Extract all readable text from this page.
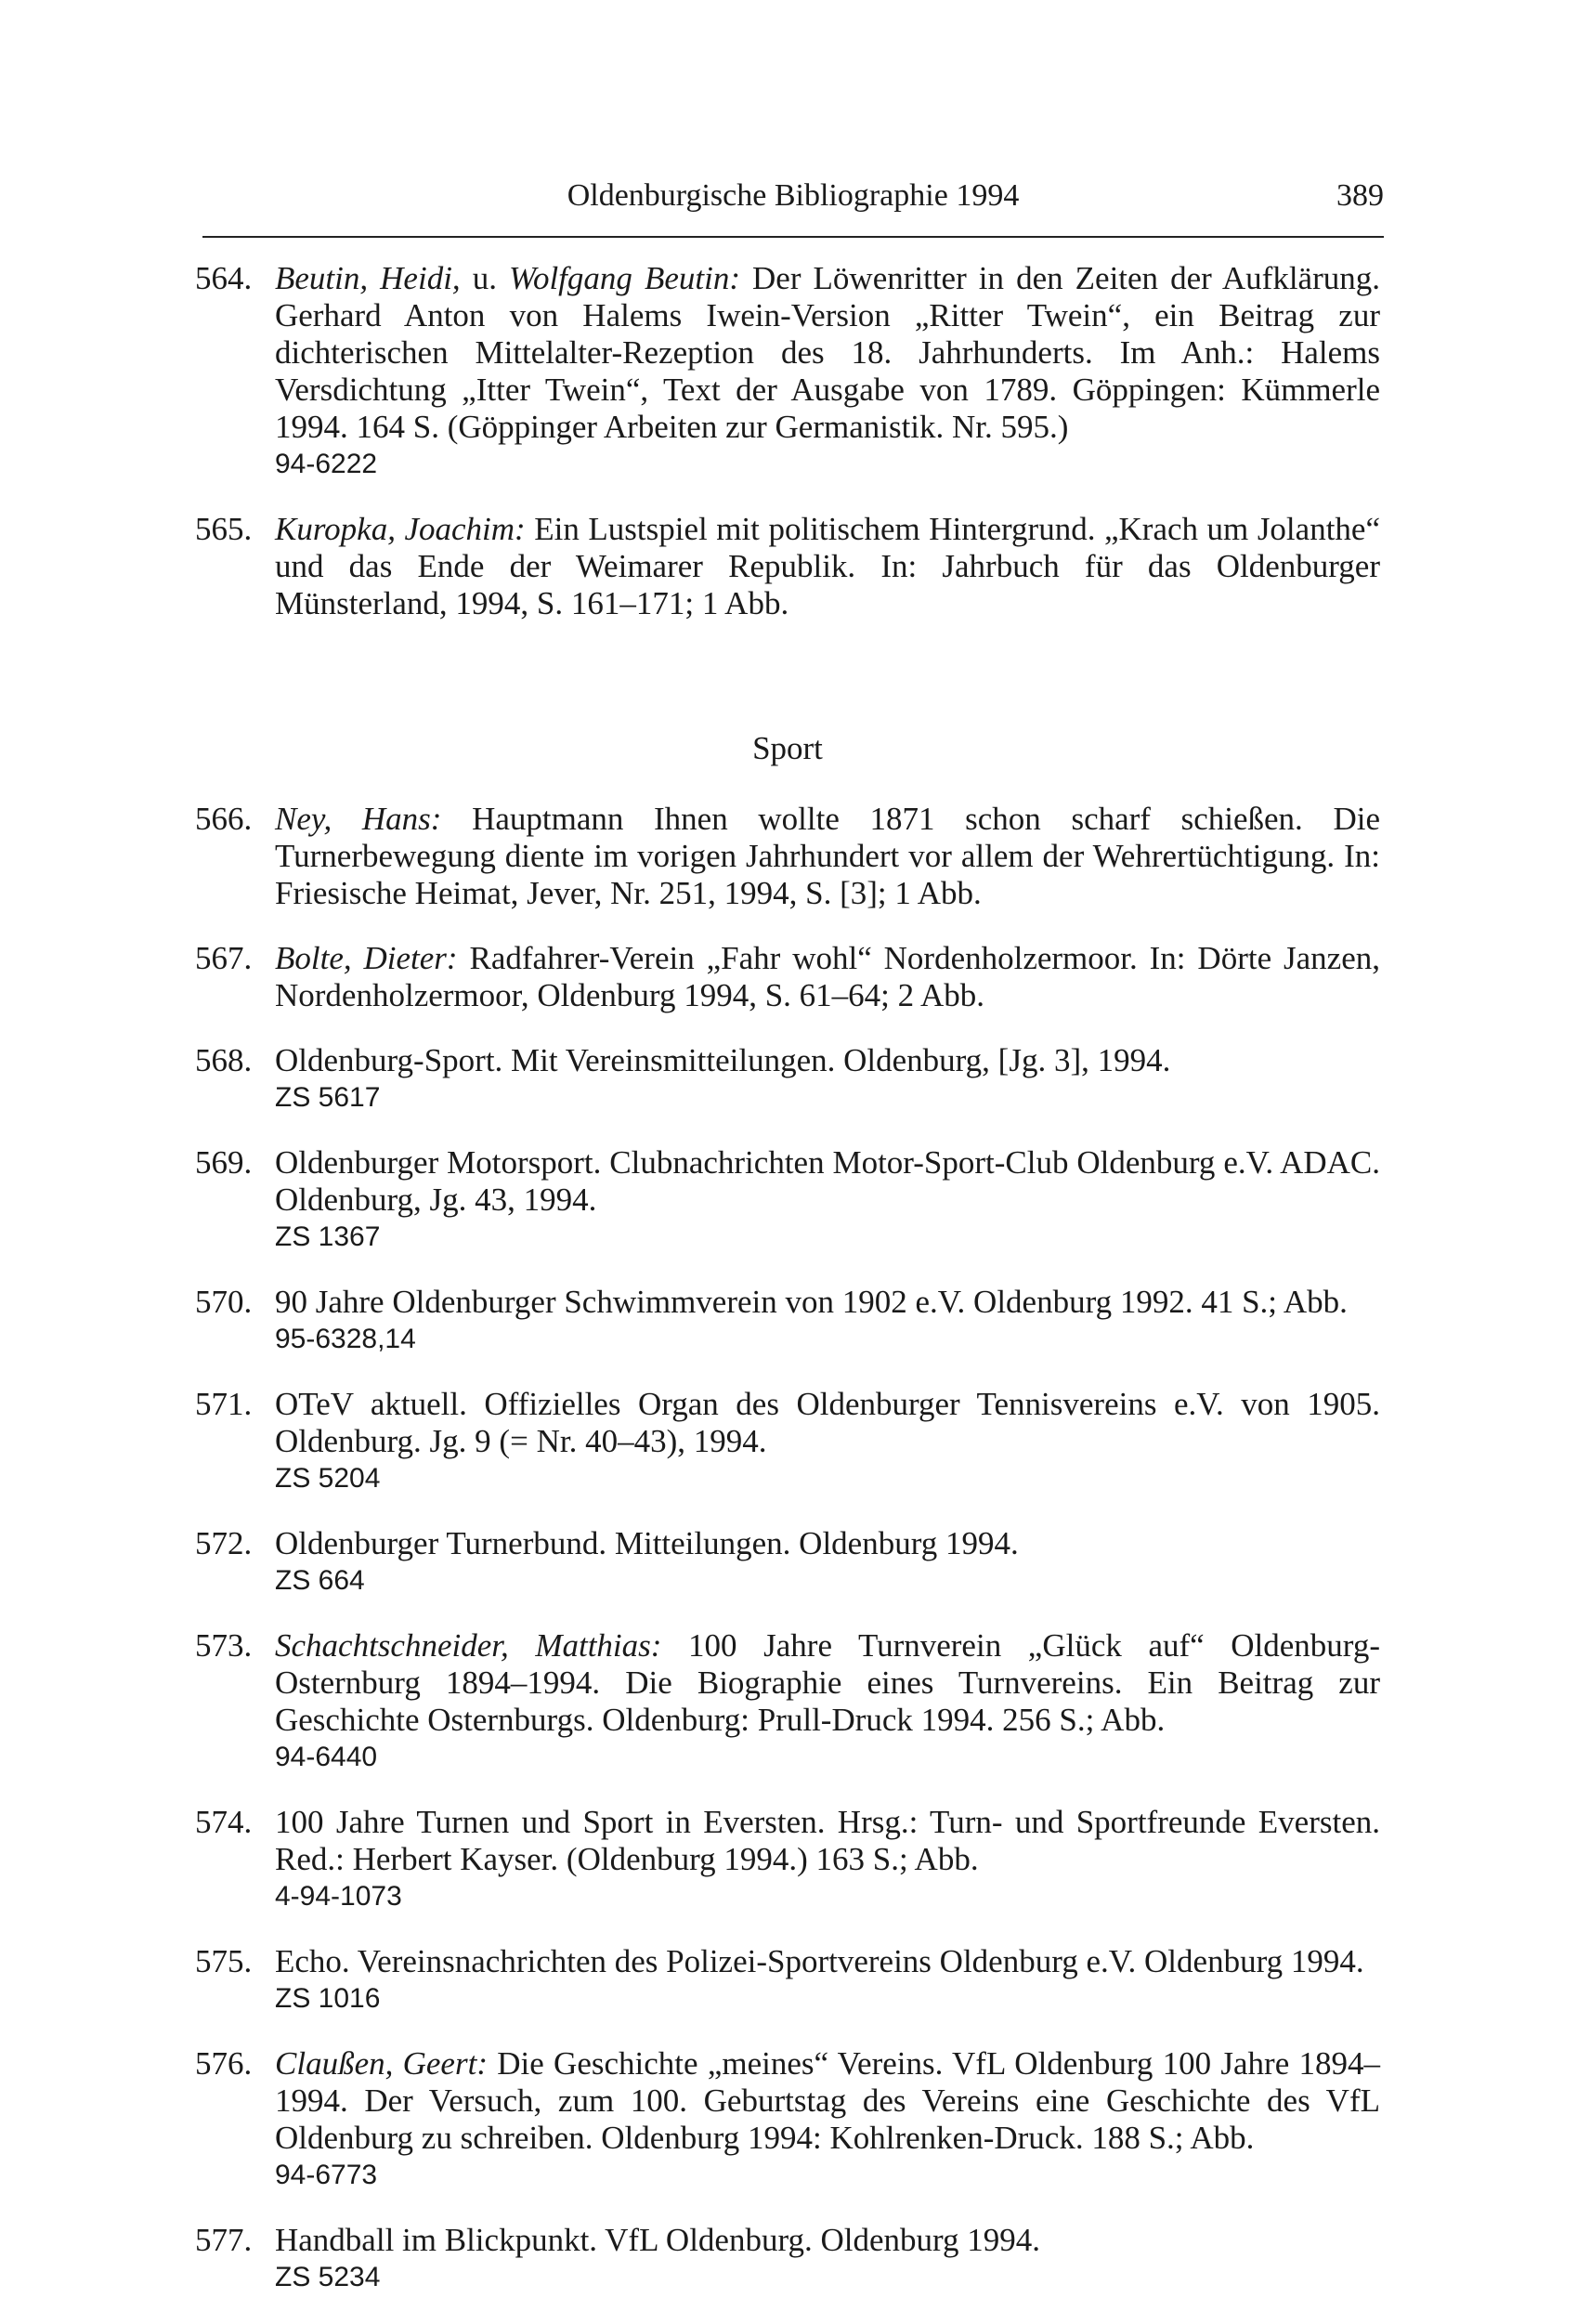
Oldenburgische Bibliographie 1994	389
564. Beutin, Heidi, u. Wolfgang Beutin: Der Löwenritter in den Zeiten der Aufklärung. Gerhard Anton von Halems Iwein-Version „Ritter Twein“, ein Beitrag zur dichterischen Mittelalter-Rezeption des 18. Jahrhunderts. Im Anh.: Halems Versdichtung „Itter Twein“, Text der Ausgabe von 1789. Göppingen: Kümmerle 1994. 164 S. (Göppinger Arbeiten zur Germanistik. Nr. 595.)
94-6222
565. Kuropka, Joachim: Ein Lustspiel mit politischem Hintergrund. „Krach um Jolanthe“ und das Ende der Weimarer Republik. In: Jahrbuch für das Oldenburger Münsterland, 1994, S. 161–171; 1 Abb.
Sport
566. Ney, Hans: Hauptmann Ihnen wollte 1871 schon scharf schießen. Die Turnerbewegung diente im vorigen Jahrhundert vor allem der Wehrertüchtigung. In: Friesische Heimat, Jever, Nr. 251, 1994, S. [3]; 1 Abb.
567. Bolte, Dieter: Radfahrer-Verein „Fahr wohl“ Nordenholzermoor. In: Dörte Janzen, Nordenholzermoor, Oldenburg 1994, S. 61–64; 2 Abb.
568. Oldenburg-Sport. Mit Vereinsmitteilungen. Oldenburg, [Jg. 3], 1994.
ZS 5617
569. Oldenburger Motorsport. Clubnachrichten Motor-Sport-Club Oldenburg e.V. ADAC. Oldenburg, Jg. 43, 1994.
ZS 1367
570. 90 Jahre Oldenburger Schwimmverein von 1902 e.V. Oldenburg 1992. 41 S.; Abb.
95-6328,14
571. OTeV aktuell. Offizielles Organ des Oldenburger Tennisvereins e.V. von 1905. Oldenburg. Jg. 9 (= Nr. 40–43), 1994.
ZS 5204
572. Oldenburger Turnerbund. Mitteilungen. Oldenburg 1994.
ZS 664
573. Schachtschneider, Matthias: 100 Jahre Turnverein „Glück auf“ Oldenburg-Osternburg 1894–1994. Die Biographie eines Turnvereins. Ein Beitrag zur Geschichte Osternburgs. Oldenburg: Prull-Druck 1994. 256 S.; Abb.
94-6440
574. 100 Jahre Turnen und Sport in Eversten. Hrsg.: Turn- und Sportfreunde Eversten. Red.: Herbert Kayser. (Oldenburg 1994.) 163 S.; Abb.
4-94-1073
575. Echo. Vereinsnachrichten des Polizei-Sportvereins Oldenburg e.V. Oldenburg 1994.
ZS 1016
576. Claußen, Geert: Die Geschichte „meines“ Vereins. VfL Oldenburg 100 Jahre 1894–1994. Der Versuch, zum 100. Geburtstag des Vereins eine Geschichte des VfL Oldenburg zu schreiben. Oldenburg 1994: Kohlrenken-Druck. 188 S.; Abb.
94-6773
577. Handball im Blickpunkt. VfL Oldenburg. Oldenburg 1994.
ZS 5234
